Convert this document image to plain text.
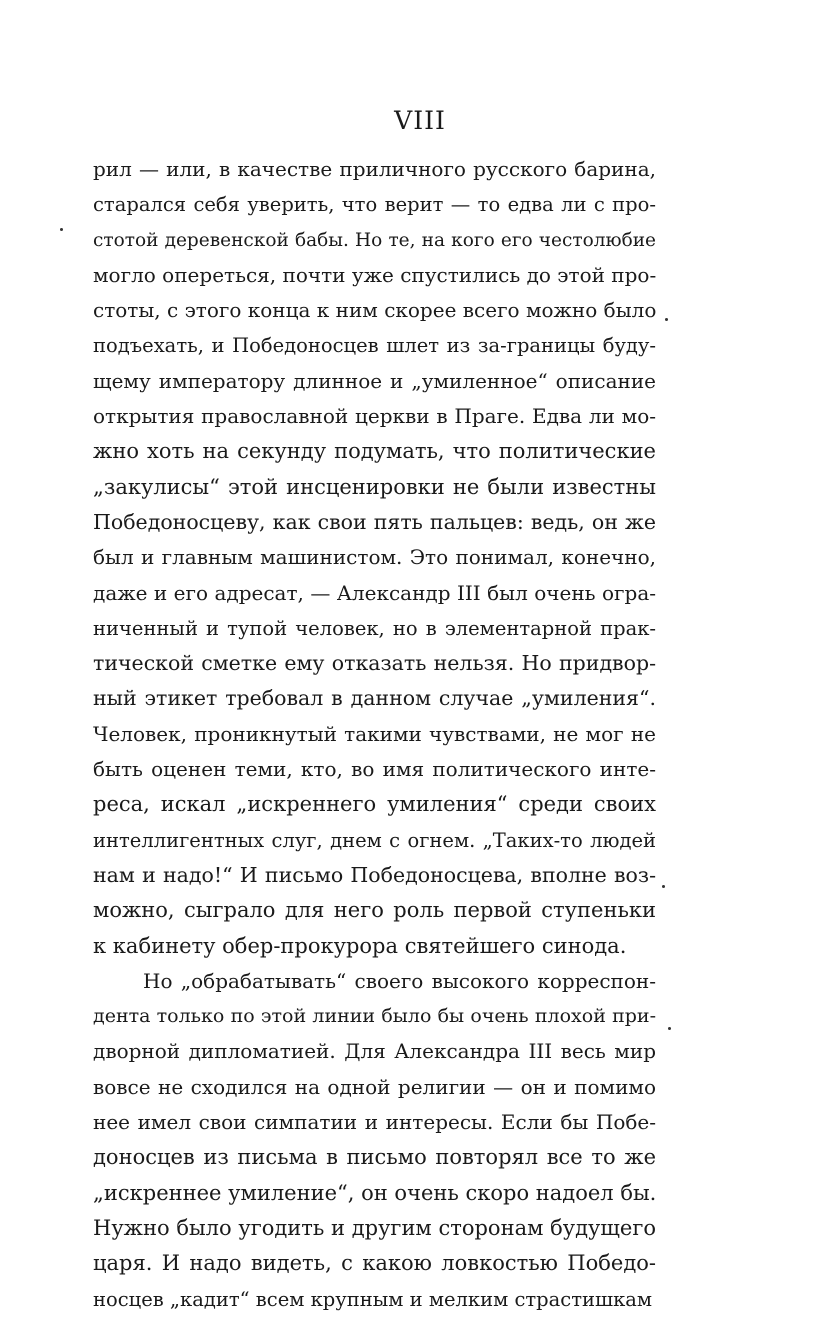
VIII
рил — или, в качестве приличного русского барина,
старался себя уверить, что верит — то едва ли с про-
стотой деревенской бабы. Но те, на кого его честолюбие
могло опереться, почти уже спустились до этой про-
стоты, с этого конца к ним скорее всего можно было
подъехать, и Победоносцев шлет из за-границы буду-
щему императору длинное и „умиленное“ описание
открытия православной церкви в Праге. Едва ли мо-
жно хоть на секунду подумать, что политические
„закулисы“ этой инсценировки не были известны
Победоносцеву, как свои пять пальцев: ведь, он же
был и главным машинистом. Это понимал, конечно,
даже и его адресат, — Александр III был очень огра-
ниченный и тупой человек, но в элементарной прак-
тической сметке ему отказать нельзя. Но придвор-
ный этикет требовал в данном случае „умиления“.
Человек, проникнутый такими чувствами, не мог не
быть оценен теми, кто, во имя политического инте-
реса, искал „искреннего умиления“ среди своих
интеллигентных слуг, днем с огнем. „Таких-то людей
нам и надо!“ И письмо Победоносцева, вполне воз-
можно, сыграло для него роль первой ступеньки
к кабинету обер-прокурора святейшего синода.
Но „обрабатывать“ своего высокого корреспон-
дента только по этой линии было бы очень плохой при-
дворной дипломатией. Для Александра III весь мир
вовсе не сходился на одной религии — он и помимо
нее имел свои симпатии и интересы. Если бы Побе-
доносцев из письма в письмо повторял все то же
„искреннее умиление“, он очень скоро надоел бы.
Нужно было угодить и другим сторонам будущего
царя. И надо видеть, с какою ловкостью Победо-
носцев „кадит“ всем крупным и мелким страстишкам
